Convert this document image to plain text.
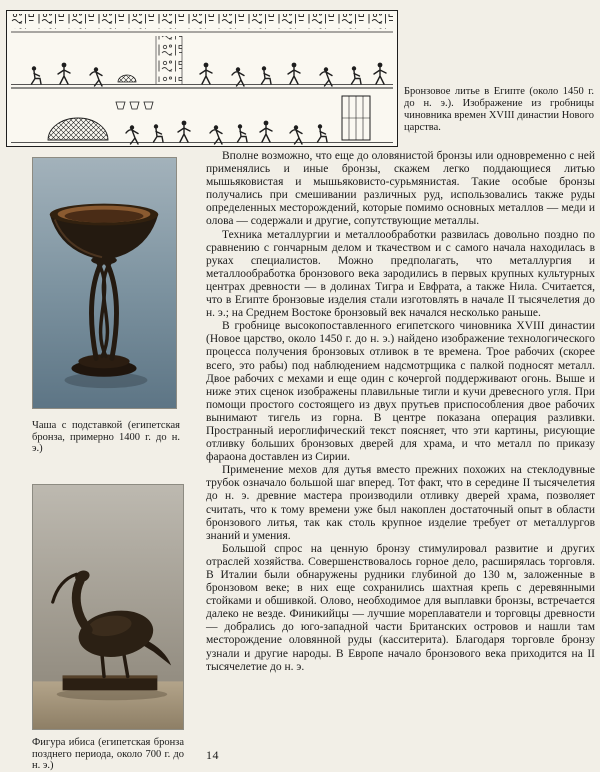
Бронзовое литье в Египте (около 1450 г. до н. э.). Изображение из гробницы чиновника времен XVIII династии Нового царства.
Чаша с подставкой (египетская бронза, примерно 1400 г. до н. э.)
Фигура ибиса (египетская бронза позднего периода, около 700 г. до н. э.)

Вполне возможно, что еще до оловянистой бронзы или одновременно с ней применялись и иные бронзы, скажем легко поддающиеся литью мышьяковистая и мышьяковисто-сурьмянистая. Такие особые бронзы получались при смешивании различных руд, использовались также руды определенных месторождений, которые помимо основных металлов — меди и олова — содержали и другие, сопутствующие металлы.

Техника металлургии и металлообработки развилась довольно поздно по сравнению с гончарным делом и ткачеством и с самого начала находилась в руках специалистов. Можно предполагать, что металлургия и металлообработка бронзового века зародились в первых крупных культурных центрах древности — в долинах Тигра и Евфрата, а также Нила. Считается, что в Египте бронзовые изделия стали изготовлять в начале II тысячелетия до н. э.; на Среднем Востоке бронзовый век начался несколько раньше.

В гробнице высокопоставленного египетского чиновника XVIII династии (Новое царство, около 1450 г. до н. э.) найдено изображение технологического процесса получения бронзовых отливок в те времена. Трое рабочих (скорее всего, это рабы) под наблюдением надсмотрщика с палкой подносят металл. Двое рабочих с мехами и еще один с кочергой поддерживают огонь. Выше и ниже этих сценок изображены плавильные тигли и кучи древесного угля. При помощи простого состоящего из двух прутьев приспособления двое рабочих вынимают тигель из горна. В центре показана операция разливки. Пространный иероглифический текст поясняет, что эти картины, рисующие отливку больших бронзовых дверей для храма, и что металл по приказу фараона доставлен из Сирии.

Применение мехов для дутья вместо прежних похожих на стеклодувные трубок означало большой шаг вперед. Тот факт, что в середине II тысячелетия до н. э. древние мастера производили отливку дверей храма, позволяет считать, что к тому времени уже был накоплен достаточный опыт в области бронзового литья, так как столь крупное изделие требует от металлургов знаний и умения.

Большой спрос на ценную бронзу стимулировал развитие и других отраслей хозяйства. Совершенствовалось горное дело, расширялась торговля. В Италии были обнаружены рудники глубиной до 130 м, заложенные в бронзовом веке; в них еще сохранились шахтная крепь с деревянными стойками и обшивкой. Олово, необходимое для выплавки бронзы, встречается далеко не везде. Финикийцы — лучшие мореплаватели и торговцы древности — добрались до юго-западной части Британских островов и нашли там месторождение оловянной руды (касситерита). Благодаря торговле бронзу узнали и другие народы. В Европе начало бронзового века приходится на II тысячелетие до н. э.

14
